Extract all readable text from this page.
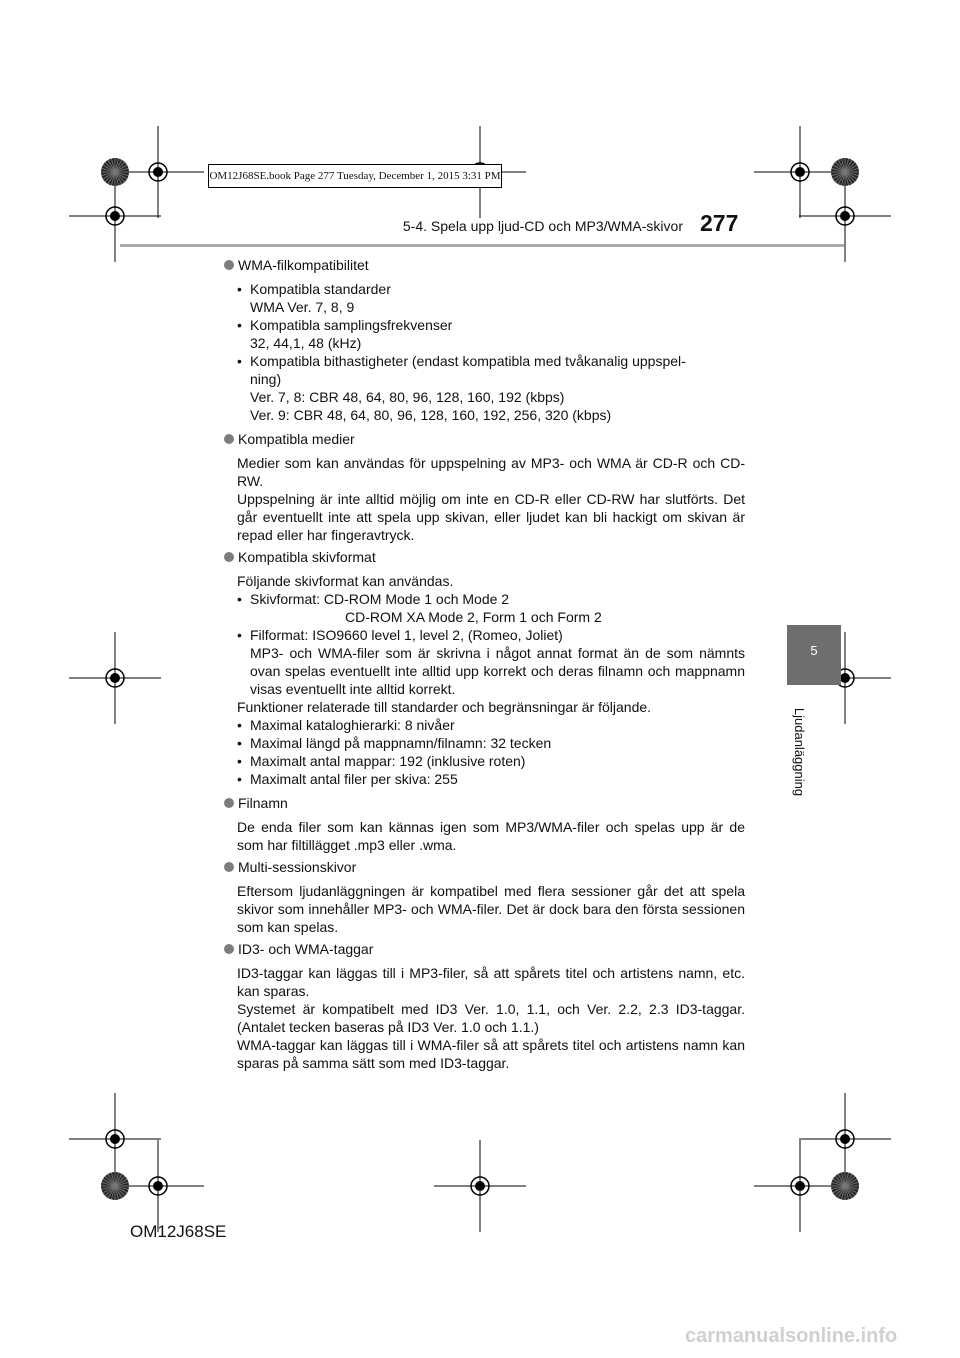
OM12J68SE.book Page 277 Tuesday, December 1, 2015 3:31 PM
5-4. Spela upp ljud-CD och MP3/WMA-skivor 277
5
Ljudanläggning
WMA-filkompatibilitet
• Kompatibla standarder
WMA Ver. 7, 8, 9
• Kompatibla samplingsfrekvenser
32, 44,1, 48 (kHz)
• Kompatibla bithastigheter (endast kompatibla med tvåkanalig uppspel-
ning)
Ver. 7, 8: CBR 48, 64, 80, 96, 128, 160, 192 (kbps)
Ver. 9: CBR 48, 64, 80, 96, 128, 160, 192, 256, 320 (kbps)
Kompatibla medier

Medier som kan användas för uppspelning av MP3- och WMA är CD-R och CD-RW.

Uppspelning är inte alltid möjlig om inte en CD-R eller CD-RW har slutförts. Det går eventuellt inte att spela upp skivan, eller ljudet kan bli hackigt om skivan är repad eller har fingeravtryck.

Kompatibla skivformat

Följande skivformat kan användas.

• Skivformat: CD-ROM Mode 1 och Mode 2
CD-ROM XA Mode 2, Form 1 och Form 2
• Filformat: ISO9660 level 1, level 2, (Romeo, Joliet)
MP3- och WMA-filer som är skrivna i något annat format än de som nämnts ovan spelas eventuellt inte alltid upp korrekt och deras filnamn och mappnamn visas eventuellt inte alltid korrekt.

Funktioner relaterade till standarder och begränsningar är följande.

• Maximal kataloghierarki: 8 nivåer
• Maximal längd på mappnamn/filnamn: 32 tecken
• Maximalt antal mappar: 192 (inklusive roten)
• Maximalt antal filer per skiva: 255
Filnamn

De enda filer som kan kännas igen som MP3/WMA-filer och spelas upp är de som har filtillägget .mp3 eller .wma.

Multi-sessionskivor

Eftersom ljudanläggningen är kompatibel med flera sessioner går det att spela skivor som innehåller MP3- och WMA-filer. Det är dock bara den första sessionen som kan spelas.

ID3- och WMA-taggar

ID3-taggar kan läggas till i MP3-filer, så att spårets titel och artistens namn, etc. kan sparas.

Systemet är kompatibelt med ID3 Ver. 1.0, 1.1, och Ver. 2.2, 2.3 ID3-taggar. (Antalet tecken baseras på ID3 Ver. 1.0 och 1.1.)

WMA-taggar kan läggas till i WMA-filer så att spårets titel och artistens namn kan sparas på samma sätt som med ID3-taggar.

OM12J68SE
carmanualsonline.info
